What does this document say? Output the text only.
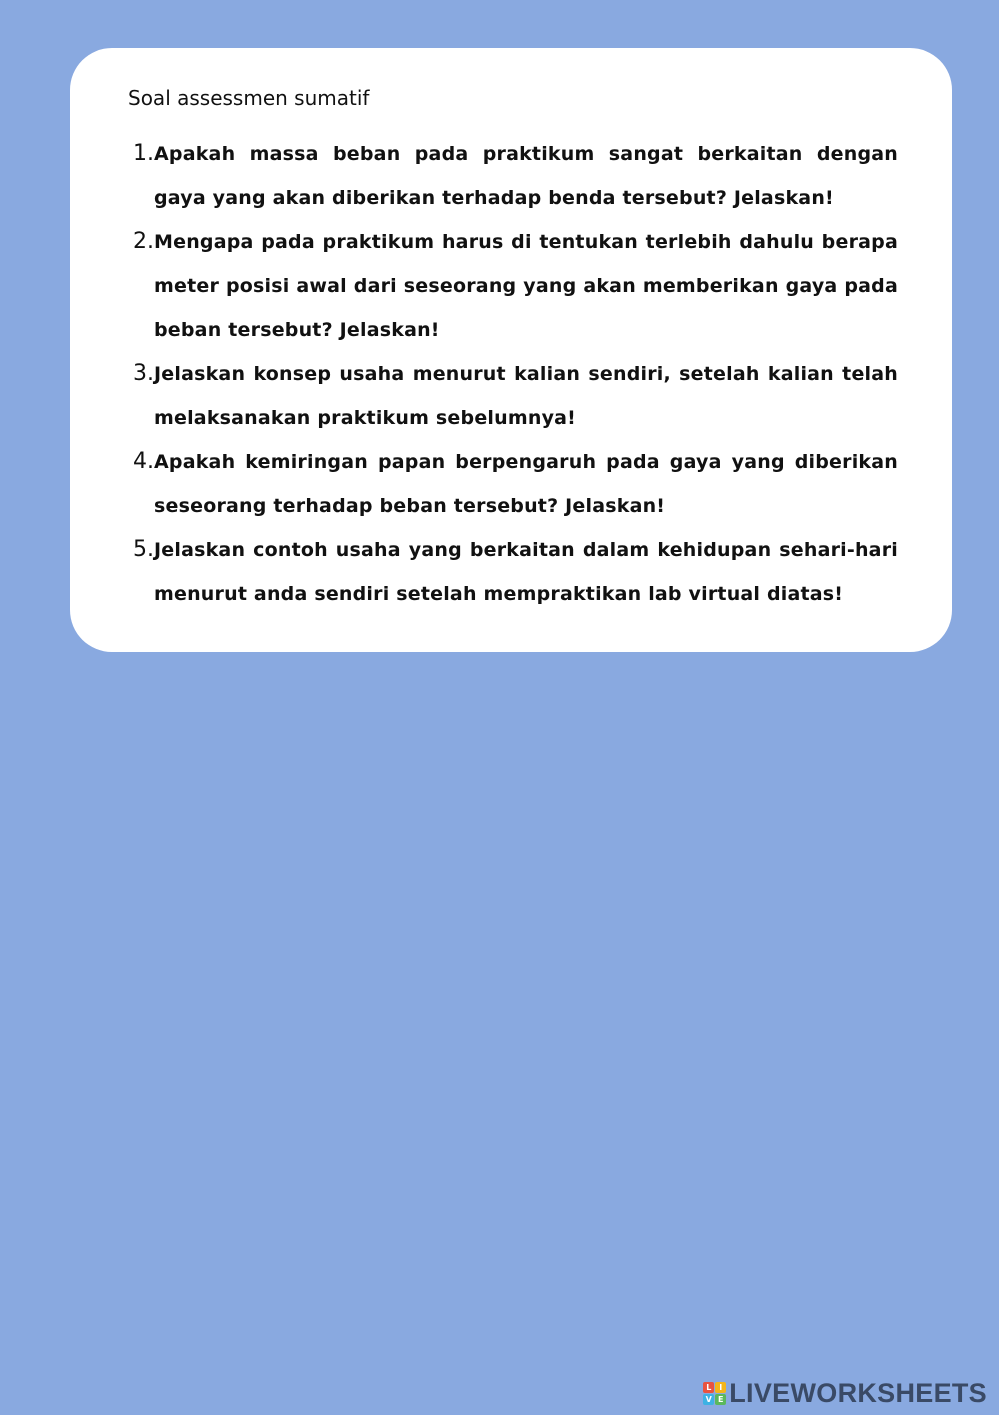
Soal assessmen sumatif
1. Apakah massa beban pada praktikum sangat berkaitan dengan gaya yang akan diberikan terhadap benda tersebut? Jelaskan!
2. Mengapa pada praktikum harus di tentukan terlebih dahulu berapa meter posisi awal dari seseorang yang akan memberikan gaya pada beban tersebut? Jelaskan!
3. Jelaskan konsep usaha menurut kalian sendiri, setelah kalian telah melaksanakan praktikum sebelumnya!
4. Apakah kemiringan papan berpengaruh pada gaya yang diberikan seseorang terhadap beban tersebut? Jelaskan!
5. Jelaskan contoh usaha yang berkaitan dalam kehidupan sehari-hari menurut anda sendiri setelah mempraktikan lab virtual diatas!
L I
V E LIVEWORKSHEETS
